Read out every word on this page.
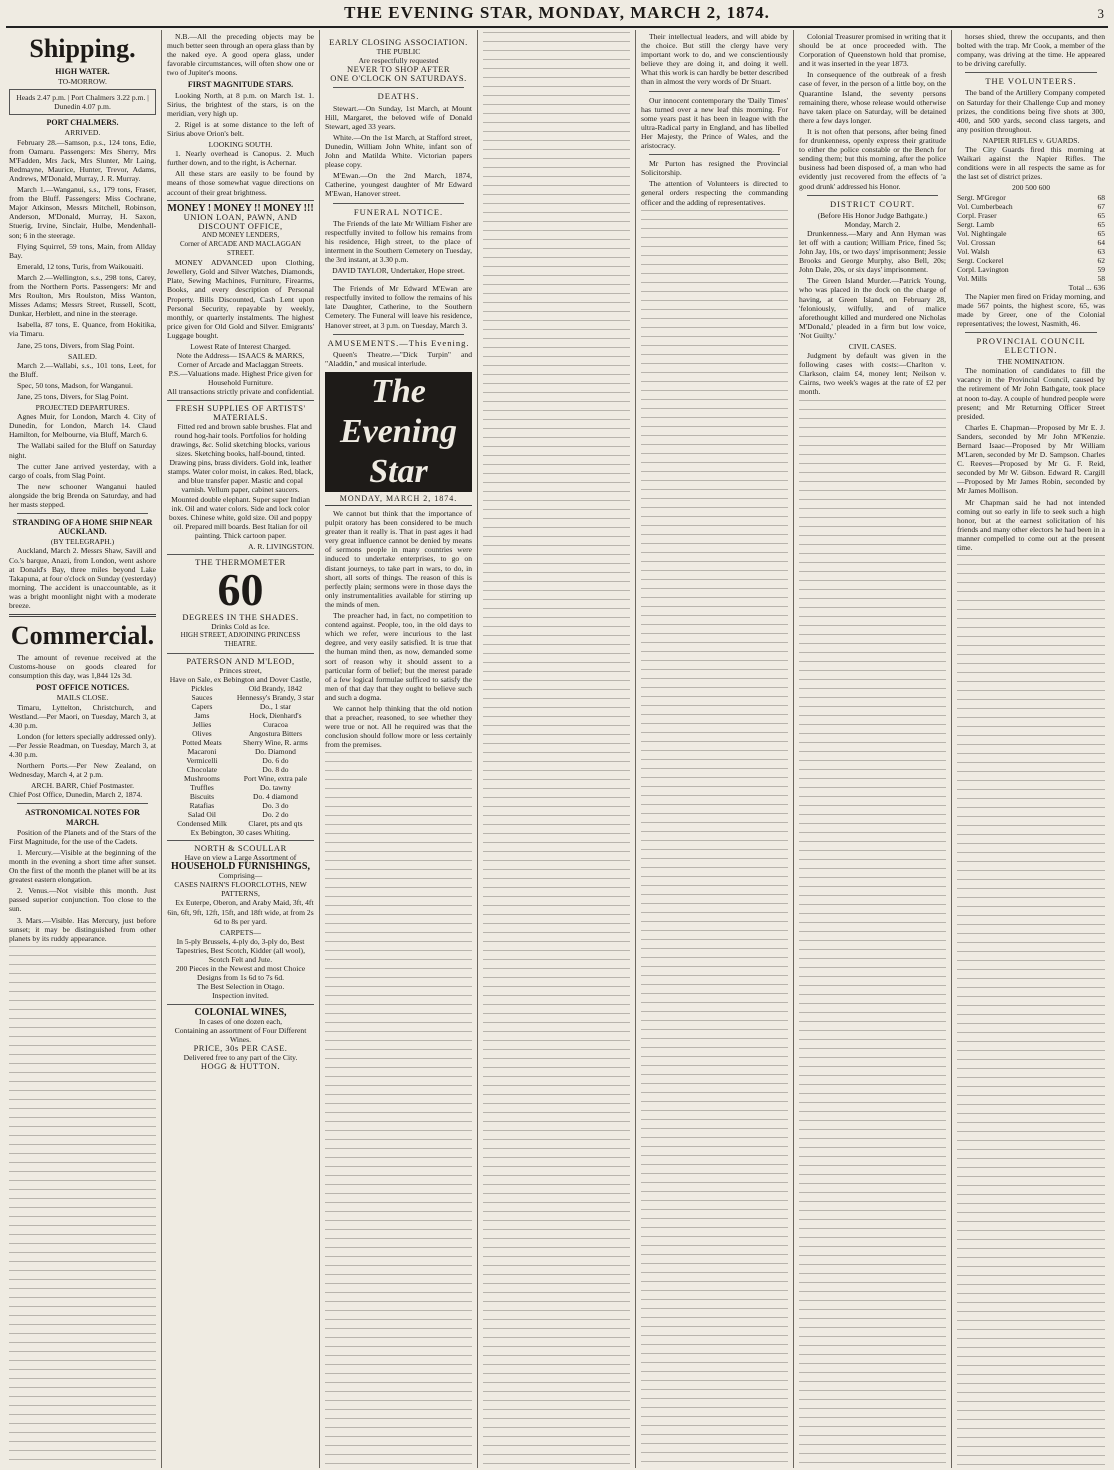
THE EVENING STAR, MONDAY, MARCH 2, 1874.	3
Shipping.
HIGH WATER.
TO-MORROW.
Heads 2.47 p.m. | Port Chalmers 3.22 p.m. | Dunedin 4.07 p.m.
PORT CHALMERS.
ARRIVED.

February 28.—Samson, p.s., 124 tons, Edie, from Oamaru. Passengers: Mrs Sherry, Mrs M'Fadden, Mrs Jack, Mrs Slunter, Mr Laing, Redmayne, Maurice, Hunter, Trevor, Adams, Andrews, M'Donald, Murray, J. R. Murray.

March 1.—Wanganui, s.s., 179 tons, Fraser, from the Bluff. Passengers: Miss Cochrane, Major Atkinson, Messrs Mitchell, Robinson, Anderson, M'Donald, Murray, H. Saxon, Stuerig, Irvine, Sinclair, Hulbe, Mendenhall-son; 6 in the steerage.

Flying Squirrel, 59 tons, Main, from Allday Bay.

Emerald, 12 tons, Turis, from Waikouaiti.

March 2.—Wellington, s.s., 298 tons, Carey, from the Northern Ports. Passengers: Mr and Mrs Roulton, Mrs Roulston, Miss Wanton, Misses Adams; Messrs Street, Russell, Scott, Dunkar, Herblett, and nine in the steerage.

Isabella, 87 tons, E. Quance, from Hokitika, via Timaru.

Jane, 25 tons, Divers, from Slag Point.

SAILED.

March 2.—Wallabi, s.s., 101 tons, Leet, for the Bluff.

Spec, 50 tons, Madson, for Wanganui.

Jane, 25 tons, Divers, for Slag Point.

PROJECTED DEPARTURES.

Agnes Muir, for London, March 4. City of Dunedin, for London, March 14. Claud Hamilton, for Melbourne, via Bluff, March 6.

The Wallabi sailed for the Bluff on Saturday night.

The cutter Jane arrived yesterday, with a cargo of coals, from Slag Point.

The new schooner Wanganui hauled alongside the brig Brenda on Saturday, and had her masts stepped.

STRANDING OF A HOME SHIP NEAR AUCKLAND.
(BY TELEGRAPH.)

Auckland, March 2. Messrs Shaw, Savill and Co.'s barque, Anazi, from London, went ashore at Donald's Bay, three miles beyond Lake Takapuna, at four o'clock on Sunday (yesterday) morning. The accident is unaccountable, as it was a bright moonlight night with a moderate breeze.

Commercial.

The amount of revenue received at the Customs-house on goods cleared for consumption this day, was 1,844 12s 3d.

POST OFFICE NOTICES.
MAILS CLOSE.

Timaru, Lyttelton, Christchurch, and Westland.—Per Maori, on Tuesday, March 3, at 4.30 p.m.

London (for letters specially addressed only).—Per Jessie Readman, on Tuesday, March 3, at 4.30 p.m.

Northern Ports.—Per New Zealand, on Wednesday, March 4, at 2 p.m.

ARCH. BARR, Chief Postmaster.
Chief Post Office, Dunedin, March 2, 1874.
ASTRONOMICAL NOTES FOR MARCH.

Position of the Planets and of the Stars of the First Magnitude, for the use of the Cadets.

1. Mercury.—Visible at the beginning of the month in the evening a short time after sunset. On the first of the month the planet will be at its greatest eastern elongation.

2. Venus.—Not visible this month. Just passed superior conjunction. Too close to the sun.

3. Mars.—Visible. Has Mercury, just before sunset; it may be distinguished from other planets by its ruddy appearance.

N.B.—All the preceding objects may be much better seen through an opera glass than by the naked eye. A good opera glass, under favorable circumstances, will often show one or two of Jupiter's moons.

FIRST MAGNITUDE STARS.

Looking North, at 8 p.m. on March 1st. 1. Sirius, the brightest of the stars, is on the meridian, very high up.

2. Rigel is at some distance to the left of Sirius above Orion's belt.

LOOKING SOUTH.

1. Nearly overhead is Canopus. 2. Much further down, and to the right, is Achernar.

All these stars are easily to be found by means of those somewhat vague directions on account of their great brightness.

MONEY ! MONEY !! MONEY !!!
UNION LOAN, PAWN, AND DISCOUNT OFFICE,
AND MONEY LENDERS,
Corner of ARCADE AND MACLAGGAN STREET.

MONEY ADVANCED upon Clothing, Jewellery, Gold and Silver Watches, Diamonds, Plate, Sewing Machines, Furniture, Firearms, Books, and every description of Personal Property. Bills Discounted, Cash Lent upon Personal Security, repayable by weekly, monthly, or quarterly instalments. The highest price given for Old Gold and Silver. Emigrants' Luggage bought.

Lowest Rate of Interest Charged.
Note the Address— ISAACS & MARKS, Corner of Arcade and Maclaggan Streets.
P.S.—Valuations made. Highest Price given for Household Furniture.
All transactions strictly private and confidential.
FRESH SUPPLIES OF ARTISTS' MATERIALS.

Fitted red and brown sable brushes. Flat and round hog-hair tools. Portfolios for holding drawings, &c. Solid sketching blocks, various sizes. Sketching books, half-bound, tinted. Drawing pins, brass dividers. Gold ink, leather stamps. Water color moist, in cakes. Red, black, and blue transfer paper. Mastic and copal varnish. Vellum paper, cabinet saucers. Mounted double elephant. Super super Indian ink. Oil and water colors. Side and lock color boxes. Chinese white, gold size. Oil and poppy oil. Prepared mill boards. Best Italian for oil painting. Thick cartoon paper.

A. R. LIVINGSTON.
THE THERMOMETER
60
DEGREES IN THE SHADES.
Drinks Cold as Ice.
HIGH STREET, ADJOINING PRINCESS THEATRE.
PATERSON AND M'LEOD,
Princes street,
Have on Sale, ex Bebington and Dover Castle,
Pickles	Old Brandy, 1842
Sauces	Hennessy's Brandy, 3 star
Capers	Do., 1 star
Jams	Hock, Dienhard's
Jellies	Curacoa
Olives	Angostura Bitters
Potted Meats	Sherry Wine, R. arms
Macaroni	Do. Diamond
Vermicelli	Do. 6 do
Chocolate	Do. 8 do
Mushrooms	Port Wine, extra pale
Truffles	Do. tawny
Biscuits	Do. 4 diamond
Ratafias	Do. 3 do
Salad Oil	Do. 2 do
Condensed Milk	Claret, pts and qts
Ex Bebington, 30 cases Whiting.
NORTH & SCOULLAR
Have on view a Large Assortment of
HOUSEHOLD FURNISHINGS,
Comprising—
CASES NAIRN'S FLOORCLOTHS, NEW PATTERNS,

Ex Euterpe, Oberon, and Araby Maid, 3ft, 4ft 6in, 6ft, 9ft, 12ft, 15ft, and 18ft wide, at from 2s 6d to 8s per yard.

CARPETS—
In 5-ply Brussels, 4-ply do, 3-ply do, Best Tapestries, Best Scotch, Kidder (all wool), Scotch Felt and Jute.
200 Pieces in the Newest and most Choice Designs from 1s 6d to 7s 6d.
The Best Selection in Otago.
Inspection invited.
COLONIAL WINES,
In cases of one dozen each,
Containing an assortment of Four Different Wines.
PRICE, 30s PER CASE.
Delivered free to any part of the City.
HOGG & HUTTON.
EARLY CLOSING ASSOCIATION.
THE PUBLIC
Are respectfully requested
NEVER TO SHOP AFTER
ONE O'CLOCK ON SATURDAYS.
DEATHS.

Stewart.—On Sunday, 1st March, at Mount Hill, Margaret, the beloved wife of Donald Stewart, aged 33 years.

White.—On the 1st March, at Stafford street, Dunedin, William John White, infant son of John and Matilda White. Victorian papers please copy.

M'Ewan.—On the 2nd March, 1874, Catherine, youngest daughter of Mr Edward M'Ewan, Hanover street.

FUNERAL NOTICE.

The Friends of the late Mr William Fisher are respectfully invited to follow his remains from his residence, High street, to the place of interment in the Southern Cemetery on Tuesday, the 3rd instant, at 3.30 p.m.

DAVID TAYLOR, Undertaker, Hope street.

The Friends of Mr Edward M'Ewan are respectfully invited to follow the remains of his late Daughter, Catherine, to the Southern Cemetery. The Funeral will leave his residence, Hanover street, at 3 p.m. on Tuesday, March 3.

AMUSEMENTS.—This Evening.

Queen's Theatre.—"Dick Turpin" and "Aladdin," and musical interlude.

The Evening Star
MONDAY, MARCH 2, 1874.

We cannot but think that the importance of pulpit oratory has been considered to be much greater than it really is. That in past ages it had very great influence cannot be denied by means of sermons people in many countries were induced to undertake enterprises, to go on distant journeys, to take part in wars, to do, in short, all sorts of things. The reason of this is perfectly plain; sermons were in those days the only instrumentalities available for stirring up the minds of men.

The preacher had, in fact, no competition to contend against. People, too, in the old days to which we refer, were incurious to the last degree, and very easily satisfied. It is true that the human mind then, as now, demanded some sort of reason why it should assent to a particular form of belief; but the merest parade of a few logical formulae sufficed to satisfy the men of that day that they ought to believe such and such a dogma.

We cannot help thinking that the old notion that a preacher, reasoned, to see whether they were true or not. All he required was that the conclusion should follow more or less certainly from the premises.

Their intellectual leaders, and will abide by the choice. But still the clergy have very important work to do, and we conscientiously believe they are doing it, and doing it well. What this work is can hardly be better described than in almost the very words of Dr Stuart.

Our innocent contemporary the 'Daily Times' has turned over a new leaf this morning. For some years past it has been in league with the ultra-Radical party in England, and has libelled Her Majesty, the Prince of Wales, and the aristocracy.

Mr Purton has resigned the Provincial Solicitorship.

The attention of Volunteers is directed to general orders respecting the commanding officer and the adding of representatives.

Colonial Treasurer promised in writing that it should be at once proceeded with. The Corporation of Queenstown hold that promise, and it was inserted in the year 1873.

In consequence of the outbreak of a fresh case of fever, in the person of a little boy, on the Quarantine Island, the seventy persons remaining there, whose release would otherwise have taken place on Saturday, will be detained there a few days longer.

It is not often that persons, after being fined for drunkenness, openly express their gratitude to either the police constable or the Bench for sending them; but this morning, after the police business had been disposed of, a man who had evidently just recovered from the effects of 'a good drunk' addressed his Honor.

DISTRICT COURT.
(Before His Honor Judge Bathgate.)
Monday, March 2.

Drunkenness.—Mary and Ann Hyman was let off with a caution; William Price, fined 5s; John Jay, 10s, or two days' imprisonment; Jessie Brooks and George Murphy, also Bell, 20s; John Dale, 20s, or six days' imprisonment.

The Green Island Murder.—Patrick Young, who was placed in the dock on the charge of having, at Green Island, on February 28, 'feloniously, wilfully, and of malice aforethought killed and murdered one Nicholas M'Donald,' pleaded in a firm but low voice, 'Not Guilty.'

CIVIL CASES.

Judgment by default was given in the following cases with costs:—Charlton v. Clarkson, claim £4, money lent; Neilson v. Cairns, two week's wages at the rate of £2 per month.

horses shied, threw the occupants, and then bolted with the trap. Mr Cook, a member of the company, was driving at the time. He appeared to be driving carefully.

THE VOLUNTEERS.

The band of the Artillery Company competed on Saturday for their Challenge Cup and money prizes, the conditions being five shots at 300, 400, and 500 yards, second class targets, and any position throughout.

NAPIER RIFLES v. GUARDS.

The City Guards fired this morning at Waikari against the Napier Rifles. The conditions were in all respects the same as for the last set of district prizes.

200 500 600
Sergt. M'Gregor	68
Vol. Cumberbeach	67
Corpl. Fraser	65
Sergt. Lamb	65
Vol. Nightingale	65
Vol. Crossan	64
Vol. Walsh	63
Sergt. Cockerel	62
Corpl. Lavington	59
Vol. Mills	58
Total ... 636

The Napier men fired on Friday morning, and made 567 points, the highest score, 65, was made by Greer, one of the Colonial representatives; the lowest, Nasmith, 46.

PROVINCIAL COUNCIL ELECTION.
THE NOMINATION.

The nomination of candidates to fill the vacancy in the Provincial Council, caused by the retirement of Mr John Bathgate, took place at noon to-day. A couple of hundred people were present; and Mr Returning Officer Street presided.

Charles E. Chapman—Proposed by Mr E. J. Sanders, seconded by Mr John M'Kenzie. Bernard Isaac—Proposed by Mr William M'Laren, seconded by Mr D. Sampson. Charles C. Reeves—Proposed by Mr G. F. Reid, seconded by Mr W. Gibson. Edward R. Cargill—Proposed by Mr James Robin, seconded by Mr James Mollison.

Mr Chapman said he had not intended coming out so early in life to seek such a high honor, but at the earnest solicitation of his friends and many other electors he had been in a manner compelled to come out at the present time.
